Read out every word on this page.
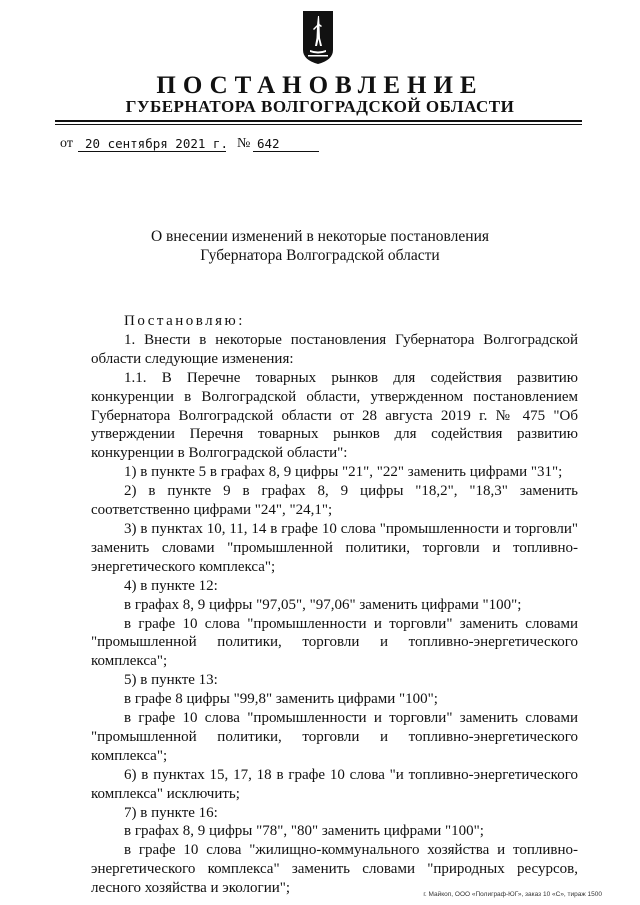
ПОСТАНОВЛЕНИЕ
ГУБЕРНАТОРА ВОЛГОГРАДСКОЙ ОБЛАСТИ
от 20 сентября 2021 г. № 642
О внесении изменений в некоторые постановления
Губернатора Волгоградской области

Постановляю:

1. Внести в некоторые постановления Губернатора Волгоградской области следующие изменения:

1.1. В Перечне товарных рынков для содействия развитию конкуренции в Волгоградской области, утвержденном постановлением Губернатора Волгоградской области от 28 августа 2019 г. № 475 "Об утверждении Перечня товарных рынков для содействия развитию конкуренции в Волгоградской области":

1) в пункте 5 в графах 8, 9 цифры "21", "22" заменить цифрами "31";

2) в пункте 9 в графах 8, 9 цифры "18,2", "18,3" заменить соответственно цифрами "24", "24,1";

3) в пунктах 10, 11, 14 в графе 10 слова "промышленности и торговли" заменить словами "промышленной политики, торговли и топливно-энергетического комплекса";

4) в пункте 12:

в графах 8, 9 цифры "97,05", "97,06" заменить цифрами "100";

в графе 10 слова "промышленности и торговли" заменить словами "промышленной политики, торговли и топливно-энергетического комплекса";

5) в пункте 13:

в графе 8 цифры "99,8" заменить цифрами "100";

в графе 10 слова "промышленности и торговли" заменить словами "промышленной политики, торговли и топливно-энергетического комплекса";

6) в пунктах 15, 17, 18 в графе 10 слова "и топливно-энергетического комплекса" исключить;

7) в пункте 16:

в графах 8, 9 цифры "78", "80" заменить цифрами "100";

в графе 10 слова "жилищно-коммунального хозяйства и топливно-энергетического комплекса" заменить словами "природных ресурсов, лесного хозяйства и экологии";	г. Майкоп, ООО «Полиграф-ЮГ», заказ 10 «С», тираж 1500
